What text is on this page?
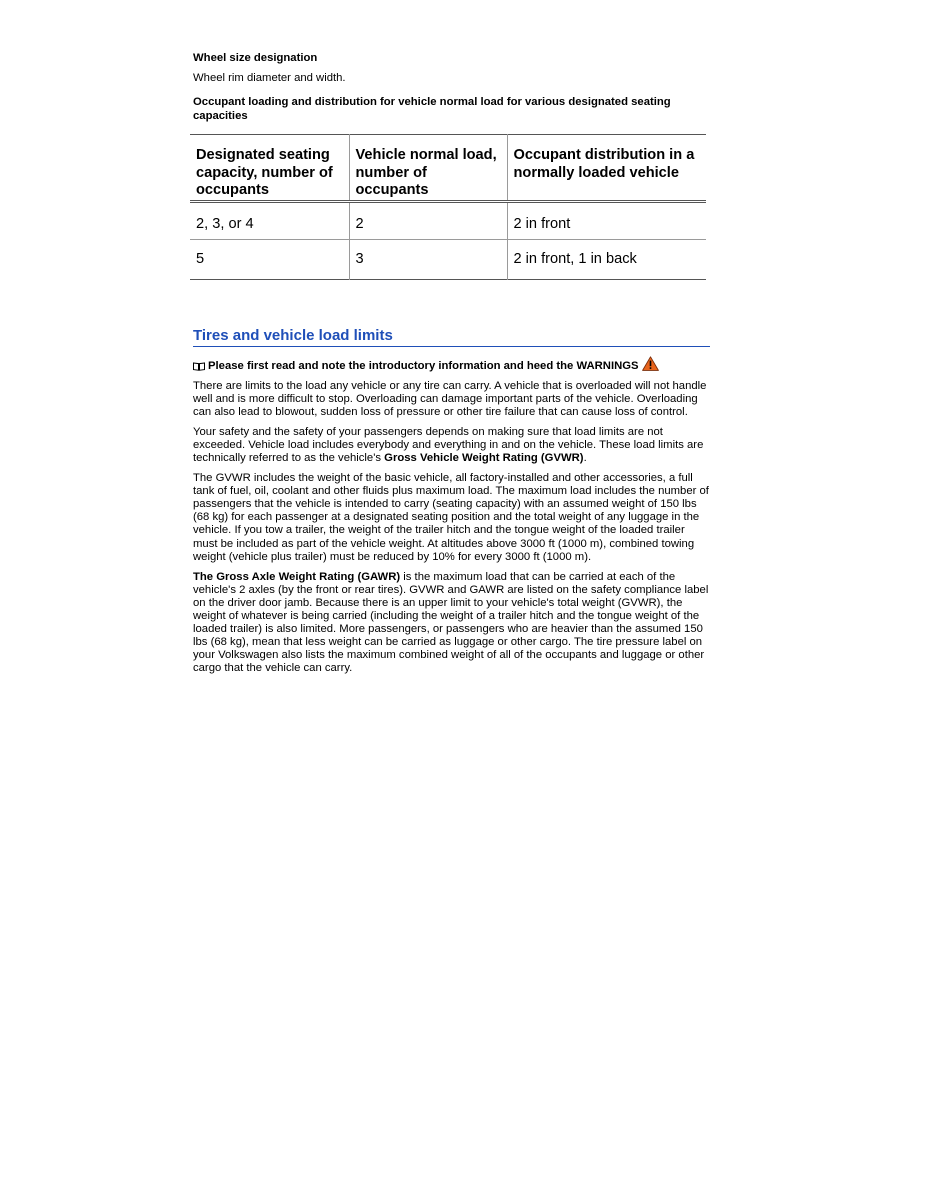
Wheel size designation

Wheel rim diameter and width.

Occupant loading and distribution for vehicle normal load for various designated seating capacities

Designated seating capacity, number of occupants	Vehicle normal load, number of occupants	Occupant distribution in a normally loaded vehicle
2, 3, or 4	2	2 in front
5	3	2 in front, 1 in back
Tires and vehicle load limits
Please first read and note the introductory information and heed the WARNINGS

There are limits to the load any vehicle or any tire can carry. A vehicle that is overloaded will not handle well and is more difficult to stop. Overloading can damage important parts of the vehicle. Overloading can also lead to blowout, sudden loss of pressure or other tire failure that can cause loss of control.

Your safety and the safety of your passengers depends on making sure that load limits are not exceeded. Vehicle load includes everybody and everything in and on the vehicle. These load limits are technically referred to as the vehicle's Gross Vehicle Weight Rating (GVWR).

The GVWR includes the weight of the basic vehicle, all factory-installed and other accessories, a full tank of fuel, oil, coolant and other fluids plus maximum load. The maximum load includes the number of passengers that the vehicle is intended to carry (seating capacity) with an assumed weight of 150 lbs (68 kg) for each passenger at a designated seating position and the total weight of any luggage in the vehicle. If you tow a trailer, the weight of the trailer hitch and the tongue weight of the loaded trailer must be included as part of the vehicle weight. At altitudes above 3000 ft (1000 m), combined towing weight (vehicle plus trailer) must be reduced by 10% for every 3000 ft (1000 m).

The Gross Axle Weight Rating (GAWR) is the maximum load that can be carried at each of the vehicle's 2 axles (by the front or rear tires). GVWR and GAWR are listed on the safety compliance label on the driver door jamb. Because there is an upper limit to your vehicle's total weight (GVWR), the weight of whatever is being carried (including the weight of a trailer hitch and the tongue weight of the loaded trailer) is also limited. More passengers, or passengers who are heavier than the assumed 150 lbs (68 kg), mean that less weight can be carried as luggage or other cargo. The tire pressure label on your Volkswagen also lists the maximum combined weight of all of the occupants and luggage or other cargo that the vehicle can carry.
